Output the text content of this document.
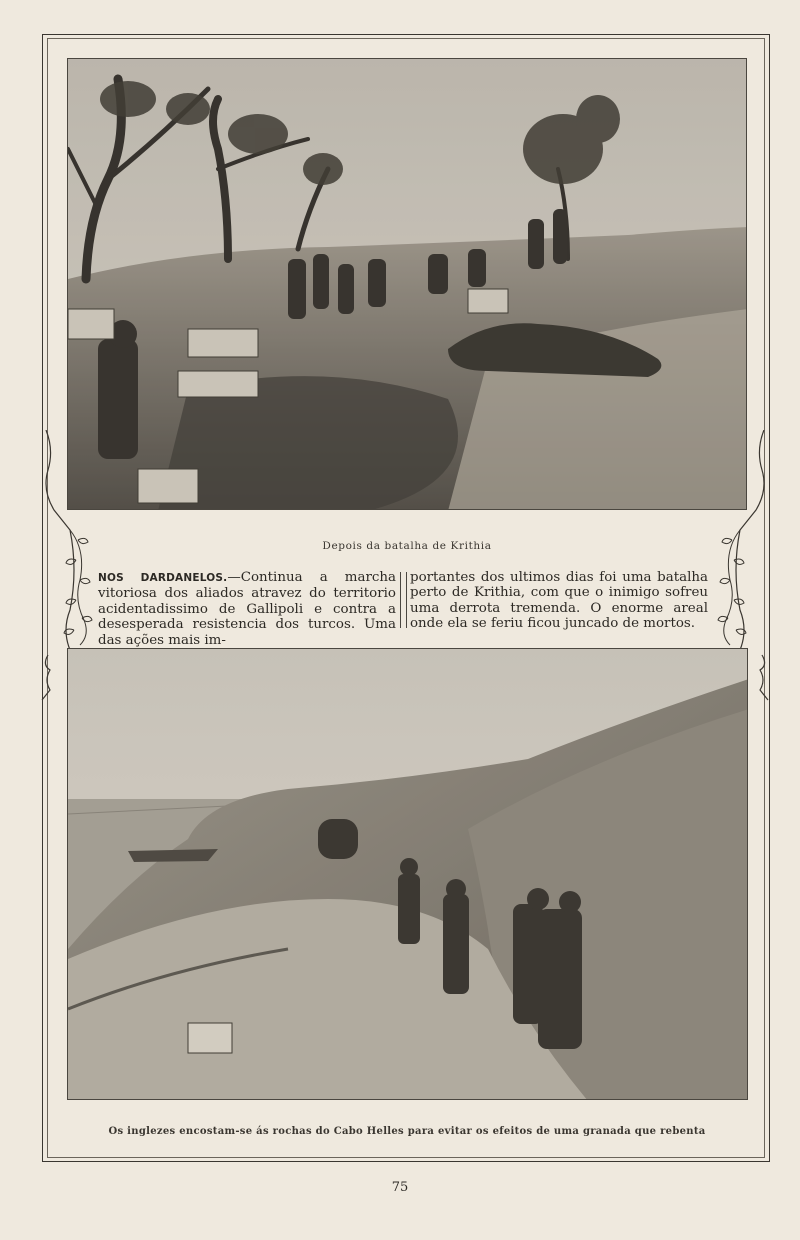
Depois da batalha de Krithia

NOS DARDANELOS.—Continua a marcha vitoriosa dos aliados atravez do territorio acidentadissimo de Gallipoli e contra a desesperada resistencia dos turcos. Uma das ações mais im-

portantes dos ultimos dias foi uma batalha perto de Krithia, com que o inimigo sofreu uma derrota tremenda. O enorme areal onde ela se feriu ficou juncado de mortos.

Os inglezes encostam-se ás rochas do Cabo Helles para evitar os efeitos de uma granada que rebenta
75
